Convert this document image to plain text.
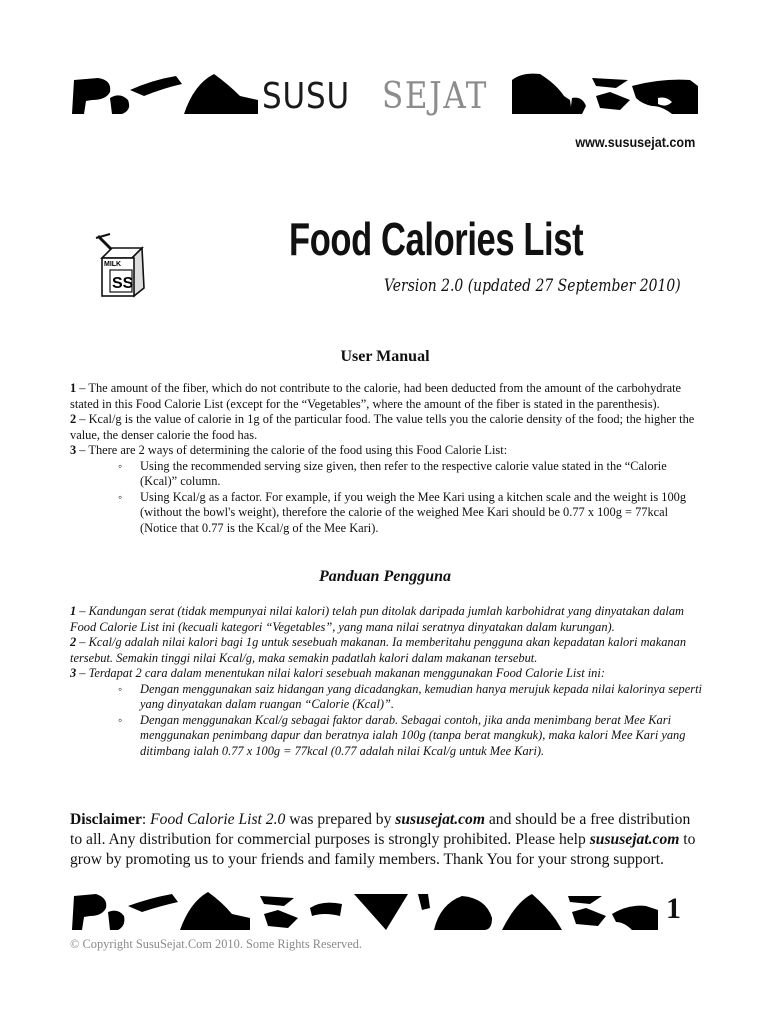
SUSU SEJAT
www.sususejat.com
MILK
SS
Food Calories List
Version 2.0 (updated 27 September 2010)
User Manual

1 – The amount of the fiber, which do not contribute to the calorie, had been deducted from the amount of the carbohydrate stated in this Food Calorie List (except for the “Vegetables”, where the amount of the fiber is stated in the parenthesis).

2 – Kcal/g is the value of calorie in 1g of the particular food. The value tells you the calorie density of the food; the higher the value, the denser calorie the food has.

3 – There are 2 ways of determining the calorie of the food using this Food Calorie List:

◦ Using the recommended serving size given, then refer to the respective calorie value stated in the “Calorie (Kcal)” column.

◦ Using Kcal/g as a factor. For example, if you weigh the Mee Kari using a kitchen scale and the weight is 100g (without the bowl's weight), therefore the calorie of the weighed Mee Kari should be 0.77 x 100g = 77kcal (Notice that 0.77 is the Kcal/g of the Mee Kari).

Panduan Pengguna

1 – Kandungan serat (tidak mempunyai nilai kalori) telah pun ditolak daripada jumlah karbohidrat yang dinyatakan dalam Food Calorie List ini (kecuali kategori “Vegetables”, yang mana nilai seratnya dinyatakan dalam kurungan).

2 – Kcal/g adalah nilai kalori bagi 1g untuk sesebuah makanan. Ia memberitahu pengguna akan kepadatan kalori makanan tersebut. Semakin tinggi nilai Kcal/g, maka semakin padatlah kalori dalam makanan tersebut.

3 – Terdapat 2 cara dalam menentukan nilai kalori sesebuah makanan menggunakan Food Calorie List ini:

◦ Dengan menggunakan saiz hidangan yang dicadangkan, kemudian hanya merujuk kepada nilai kalorinya seperti yang dinyatakan dalam ruangan “Calorie (Kcal)”.

◦ Dengan menggunakan Kcal/g sebagai faktor darab. Sebagai contoh, jika anda menimbang berat Mee Kari menggunakan penimbang dapur dan beratnya ialah 100g (tanpa berat mangkuk), maka kalori Mee Kari yang ditimbang ialah 0.77 x 100g = 77kcal (0.77 adalah nilai Kcal/g untuk Mee Kari).

Disclaimer: Food Calorie List 2.0 was prepared by sususejat.com and should be a free distribution to all. Any distribution for commercial purposes is strongly prohibited. Please help sususejat.com to grow by promoting us to your friends and family members. Thank You for your strong support.
1
© Copyright SusuSejat.Com 2010. Some Rights Reserved.
